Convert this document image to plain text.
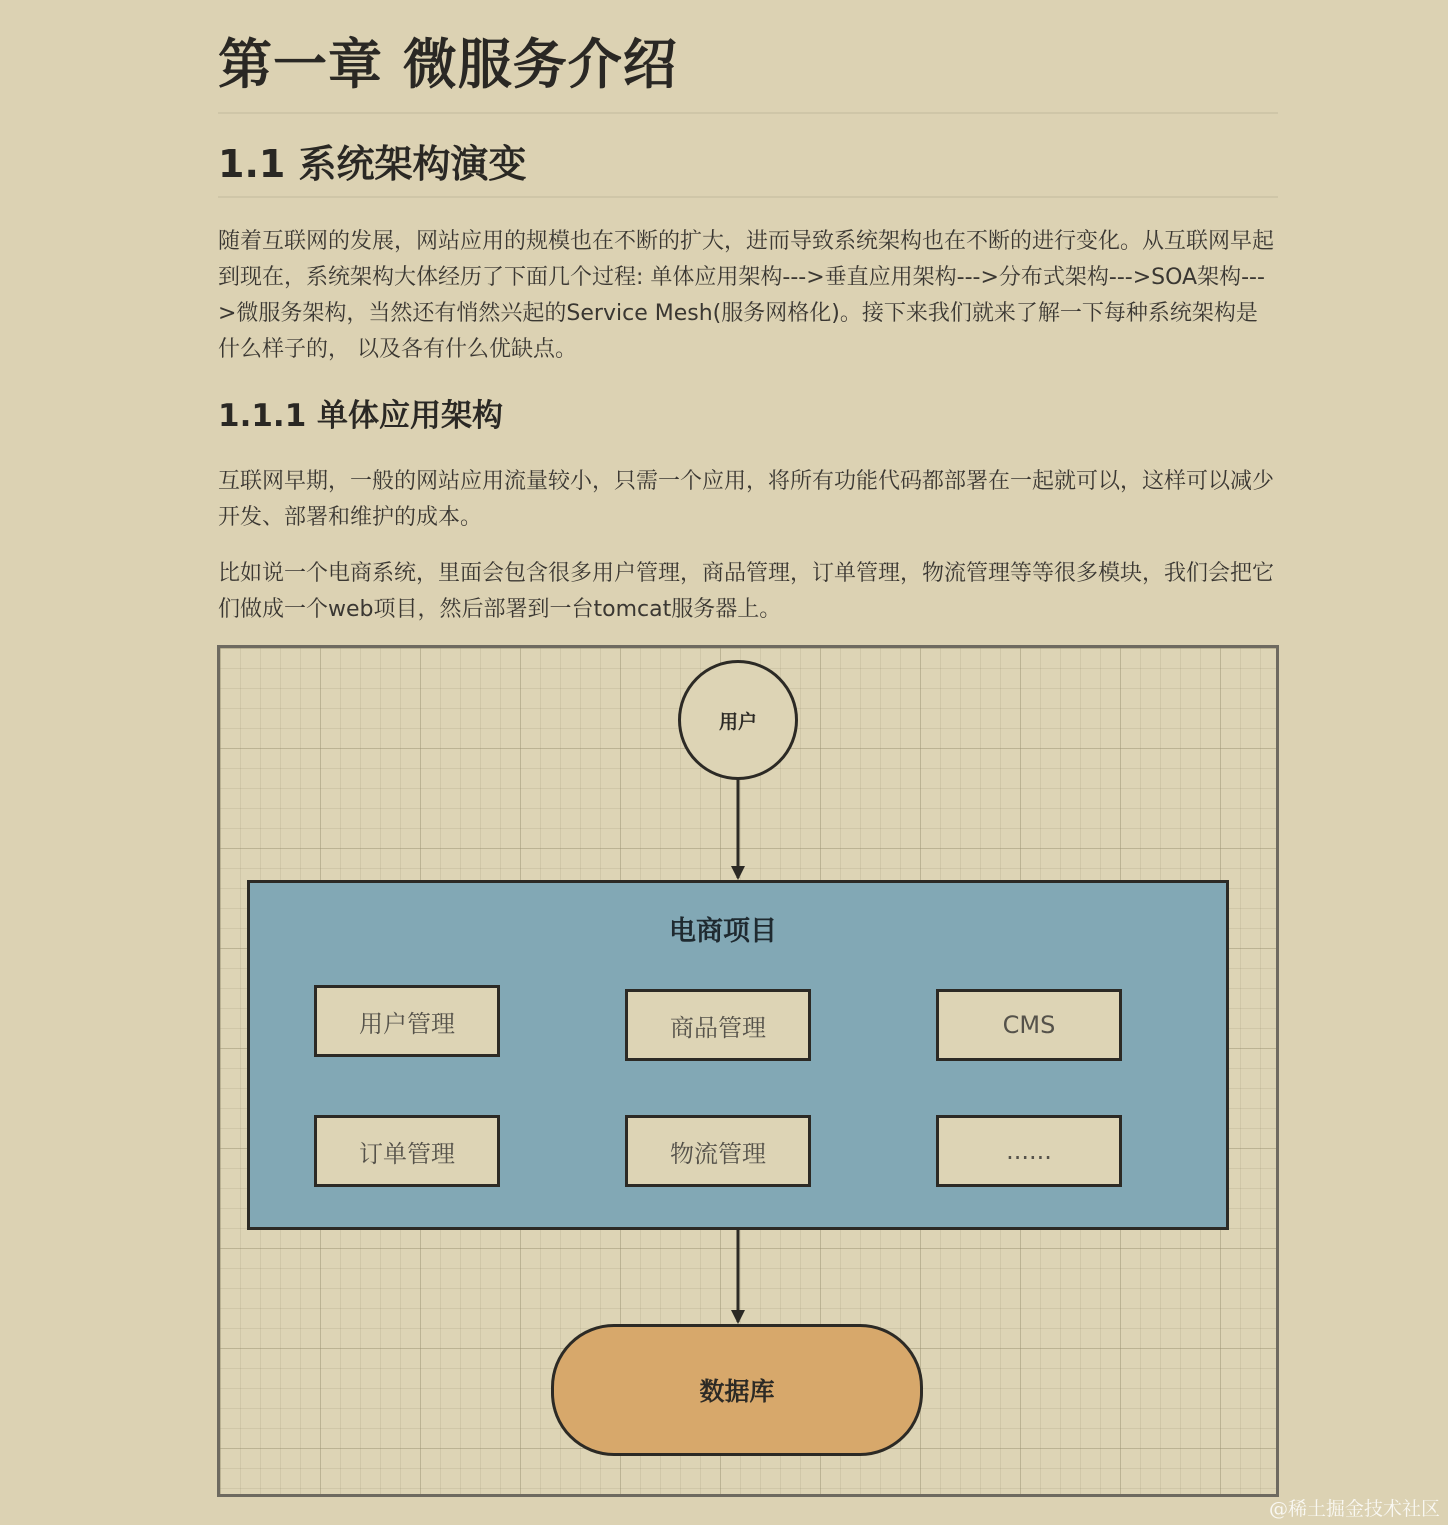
第一章 微服务介绍
1.1 系统架构演变

随着互联网的发展，网站应用的规模也在不断的扩大，进而导致系统架构也在不断的进行变化。从互联网早起到现在，系统架构大体经历了下面几个过程: 单体应用架构--->垂直应用架构--->分布式架构--->SOA架构--->微服务架构，当然还有悄然兴起的Service Mesh(服务网格化)。接下来我们就来了解一下每种系统架构是什么样子的， 以及各有什么优缺点。

1.1.1 单体应用架构

互联网早期，一般的网站应用流量较小，只需一个应用，将所有功能代码都部署在一起就可以，这样可以减少开发、部署和维护的成本。

比如说一个电商系统，里面会包含很多用户管理，商品管理，订单管理，物流管理等等很多模块，我们会把它们做成一个web项目，然后部署到一台tomcat服务器上。

用户
电商项目
用户管理	商品管理	CMS
订单管理	物流管理	......
数据库
@稀土掘金技术社区
